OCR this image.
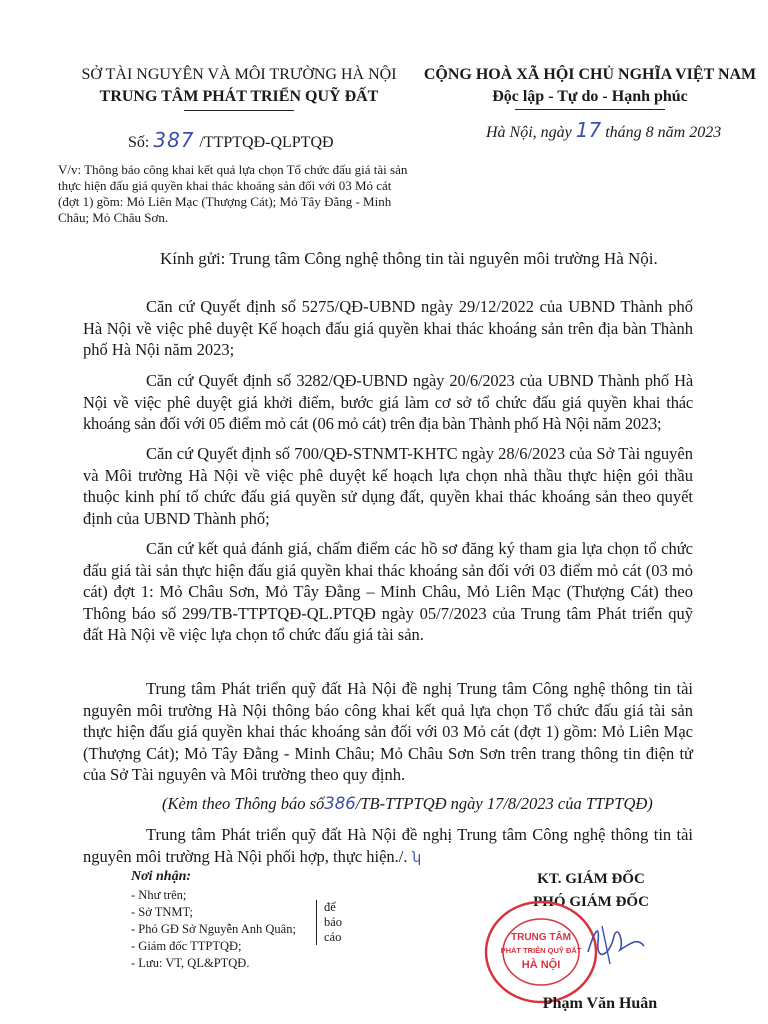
SỞ TÀI NGUYÊN VÀ MÔI TRƯỜNG HÀ NỘI
TRUNG TÂM PHÁT TRIỂN QUỸ ĐẤT
CỘNG HOÀ XÃ HỘI CHỦ NGHĨA VIỆT NAM
Độc lập - Tự do - Hạnh phúc
Số: 387 /TTPTQĐ-QLPTQĐ
Hà Nội, ngày 17 tháng 8 năm 2023
V/v: Thông báo công khai kết quả lựa chọn Tổ chức đấu giá tài sản thực hiện đấu giá quyền khai thác khoáng sản đối với 03 Mỏ cát (đợt 1) gồm: Mỏ Liên Mạc (Thượng Cát); Mỏ Tây Đằng - Minh Châu; Mỏ Châu Sơn.
Kính gửi: Trung tâm Công nghệ thông tin tài nguyên môi trường Hà Nội.
Căn cứ Quyết định số 5275/QĐ-UBND ngày 29/12/2022 của UBND Thành phố Hà Nội về việc phê duyệt Kế hoạch đấu giá quyền khai thác khoáng sản trên địa bàn Thành phố Hà Nội năm 2023;
Căn cứ Quyết định số 3282/QĐ-UBND ngày 20/6/2023 của UBND Thành phố Hà Nội về việc phê duyệt giá khởi điểm, bước giá làm cơ sở tổ chức đấu giá quyền khai thác khoáng sản đối với 05 điểm mỏ cát (06 mỏ cát) trên địa bàn Thành phố Hà Nội năm 2023;
Căn cứ Quyết định số 700/QĐ-STNMT-KHTC ngày 28/6/2023 của Sở Tài nguyên và Môi trường Hà Nội về việc phê duyệt kế hoạch lựa chọn nhà thầu thực hiện gói thầu thuộc kinh phí tổ chức đấu giá quyền sử dụng đất, quyền khai thác khoáng sản theo quyết định của UBND Thành phố;
Căn cứ kết quả đánh giá, chấm điểm các hồ sơ đăng ký tham gia lựa chọn tổ chức đấu giá tài sản thực hiện đấu giá quyền khai thác khoáng sản đối với 03 điểm mỏ cát (03 mỏ cát) đợt 1: Mỏ Châu Sơn, Mỏ Tây Đằng – Minh Châu, Mỏ Liên Mạc (Thượng Cát) theo Thông báo số 299/TB-TTPTQĐ-QL.PTQĐ ngày 05/7/2023 của Trung tâm Phát triển quỹ đất Hà Nội về việc lựa chọn tổ chức đấu giá tài sản.
Trung tâm Phát triển quỹ đất Hà Nội đề nghị Trung tâm Công nghệ thông tin tài nguyên môi trường Hà Nội thông báo công khai kết quả lựa chọn Tổ chức đấu giá tài sản thực hiện đấu giá quyền khai thác khoáng sản đối với 03 Mỏ cát (đợt 1) gồm: Mỏ Liên Mạc (Thượng Cát); Mỏ Tây Đằng - Minh Châu; Mỏ Châu Sơn Sơn trên trang thông tin điện tử của Sở Tài nguyên và Môi trường theo quy định.
(Kèm theo Thông báo số386/TB-TTPTQĐ ngày 17/8/2023 của TTPTQĐ)
Trung tâm Phát triển quỹ đất Hà Nội đề nghị Trung tâm Công nghệ thông tin tài nguyên môi trường Hà Nội phối hợp, thực hiện./. ʮ
Nơi nhận:
- Như trên;
- Sở TNMT;
- Phó GĐ Sở Nguyễn Anh Quân;
- Giám đốc TTPTQĐ;
- Lưu: VT, QL&PTQĐ.
để báo cáo
KT. GIÁM ĐỐC
PHÓ GIÁM ĐỐC
TRUNG TÂM
PHÁT TRIỂN QUỸ ĐẤT
HÀ NỘI
Phạm Văn Huân
